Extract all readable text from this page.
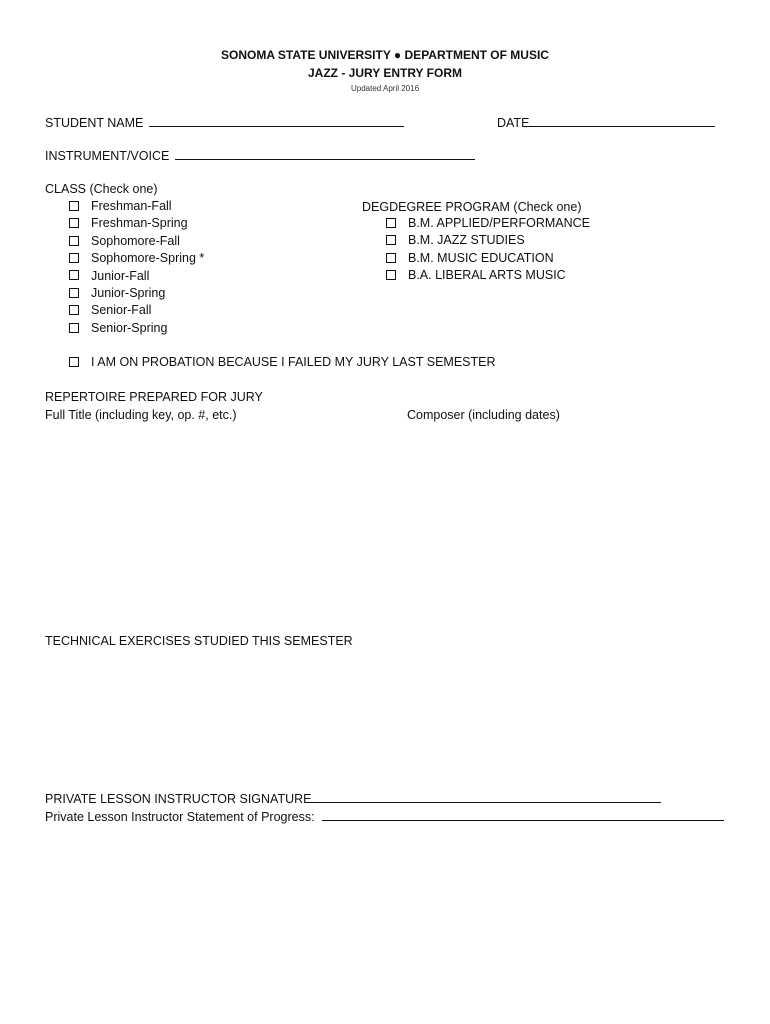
SONOMA STATE UNIVERSITY ● DEPARTMENT OF MUSIC
JAZZ - JURY ENTRY FORM
Updated April 2016
STUDENT NAME	DATE
INSTRUMENT/VOICE
CLASS (Check one)
Freshman-Fall
Freshman-Spring
Sophomore-Fall
Sophomore-Spring *
Junior-Fall
Junior-Spring
Senior-Fall
Senior-Spring
DEGDEGREE PROGRAM (Check one)
B.M. APPLIED/PERFORMANCE
B.M. JAZZ STUDIES
B.M. MUSIC EDUCATION
B.A. LIBERAL ARTS MUSIC
I AM ON PROBATION BECAUSE I FAILED MY JURY LAST SEMESTER
REPERTOIRE PREPARED FOR JURY
Full Title (including key, op. #, etc.)	Composer (including dates)
TECHNICAL EXERCISES STUDIED THIS SEMESTER
PRIVATE LESSON INSTRUCTOR SIGNATURE
Private Lesson Instructor Statement of Progress:
